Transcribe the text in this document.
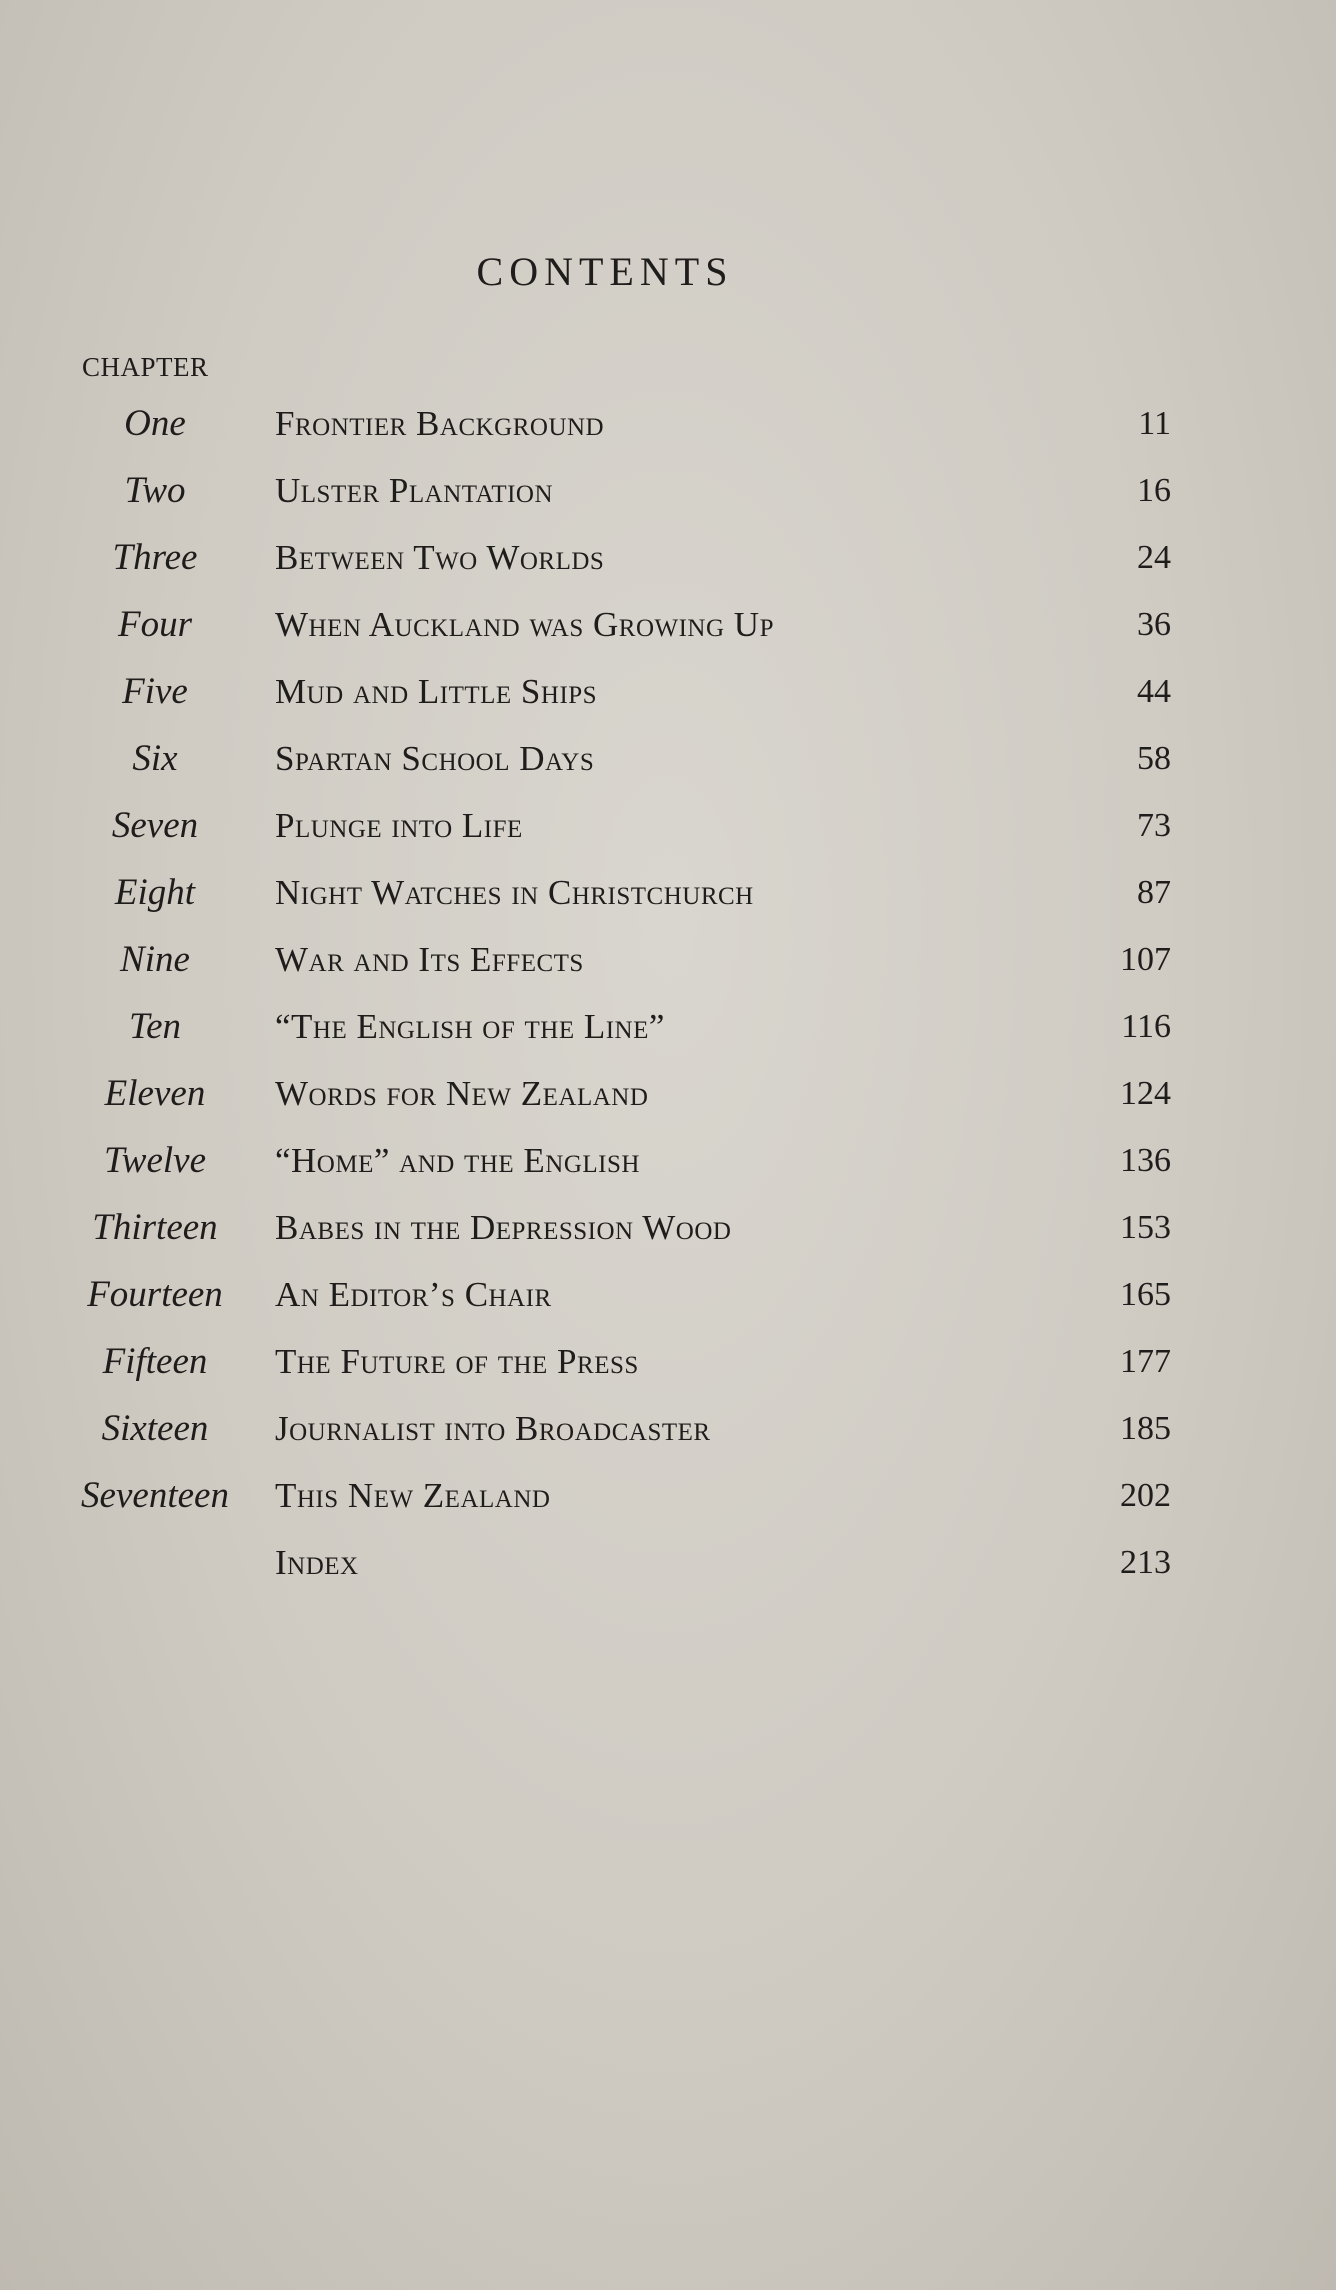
CONTENTS
CHAPTER
One	Frontier Background	11
Two	Ulster Plantation	16
Three	Between Two Worlds	24
Four	When Auckland was Growing Up	36
Five	Mud and Little Ships	44
Six	Spartan School Days	58
Seven	Plunge into Life	73
Eight	Night Watches in Christchurch	87
Nine	War and Its Effects	107
Ten	“The English of the Line”	116
Eleven	Words for New Zealand	124
Twelve	“Home” and the English	136
Thirteen	Babes in the Depression Wood	153
Fourteen	An Editor’s Chair	165
Fifteen	The Future of the Press	177
Sixteen	Journalist into Broadcaster	185
Seventeen	This New Zealand	202
Index	213
